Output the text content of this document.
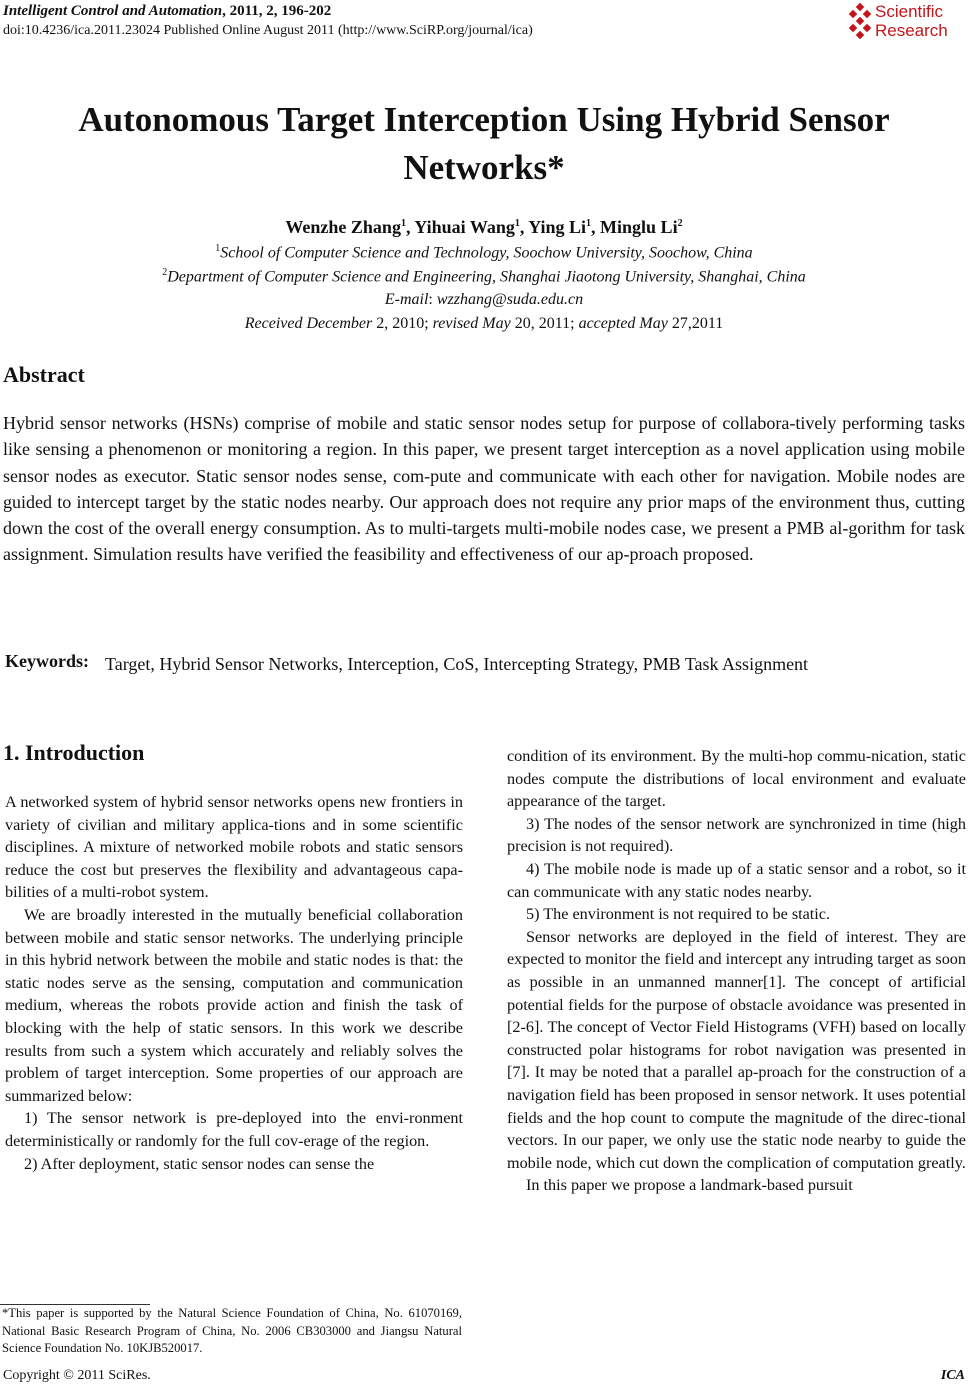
Intelligent Control and Automation, 2011, 2, 196-202
doi:10.4236/ica.2011.23024 Published Online August 2011 (http://www.SciRP.org/journal/ica)
Scientific
Research
Autonomous Target Interception Using Hybrid Sensor
Networks*
Wenzhe Zhang$^1$, Yihuai Wang$^1$, Ying Li$^1$, Minglu Li$^2$
$^1$School of Computer Science and Technology, Soochow University, Soochow, China
$^2$Department of Computer Science and Engineering, Shanghai Jiaotong University, Shanghai, China
E-mail: wzzhang@suda.edu.cn
Received December 2, 2010; revised May 20, 2011; accepted May 27,2011
Abstract
Hybrid sensor networks (HSNs) comprise of mobile and static sensor nodes setup for purpose of collabora-tively performing tasks like sensing a phenomenon or monitoring a region. In this paper, we present target interception as a novel application using mobile sensor nodes as executor. Static sensor nodes sense, com-pute and communicate with each other for navigation. Mobile nodes are guided to intercept target by the static nodes nearby. Our approach does not require any prior maps of the environment thus, cutting down the cost of the overall energy consumption. As to multi-targets multi-mobile nodes case, we present a PMB al-gorithm for task assignment. Simulation results have verified the feasibility and effectiveness of our ap-proach proposed.
Keywords: Target, Hybrid Sensor Networks, Interception, CoS, Intercepting Strategy, PMB Task Assignment
1. Introduction

A networked system of hybrid sensor networks opens new frontiers in variety of civilian and military applica-tions and in some scientific disciplines. A mixture of networked mobile robots and static sensors reduce the cost but preserves the flexibility and advantageous capa-bilities of a multi-robot system.

We are broadly interested in the mutually beneficial collaboration between mobile and static sensor networks. The underlying principle in this hybrid network between the mobile and static nodes is that: the static nodes serve as the sensing, computation and communication medium, whereas the robots provide action and finish the task of blocking with the help of static sensors. In this work we describe results from such a system which accurately and reliably solves the problem of target interception. Some properties of our approach are summarized below:

1) The sensor network is pre-deployed into the envi-ronment deterministically or randomly for the full cov-erage of the region.

2) After deployment, static sensor nodes can sense the

condition of its environment. By the multi-hop commu-nication, static nodes compute the distributions of local environment and evaluate appearance of the target.

3) The nodes of the sensor network are synchronized in time (high precision is not required).

4) The mobile node is made up of a static sensor and a robot, so it can communicate with any static nodes nearby.

5) The environment is not required to be static.

Sensor networks are deployed in the field of interest. They are expected to monitor the field and intercept any intruding target as soon as possible in an unmanned manner[1]. The concept of artificial potential fields for the purpose of obstacle avoidance was presented in [2-6]. The concept of Vector Field Histograms (VFH) based on locally constructed polar histograms for robot navigation was presented in [7]. It may be noted that a parallel ap-proach for the construction of a navigation field has been proposed in sensor network. It uses potential fields and the hop count to compute the magnitude of the direc-tional vectors. In our paper, we only use the static node nearby to guide the mobile node, which cut down the complication of computation greatly.

In this paper we propose a landmark-based pursuit

*This paper is supported by the Natural Science Foundation of China, No. 61070169, National Basic Research Program of China, No. 2006 CB303000 and Jiangsu Natural Science Foundation No. 10KJB520017.
Copyright © 2011 SciRes.	ICA
